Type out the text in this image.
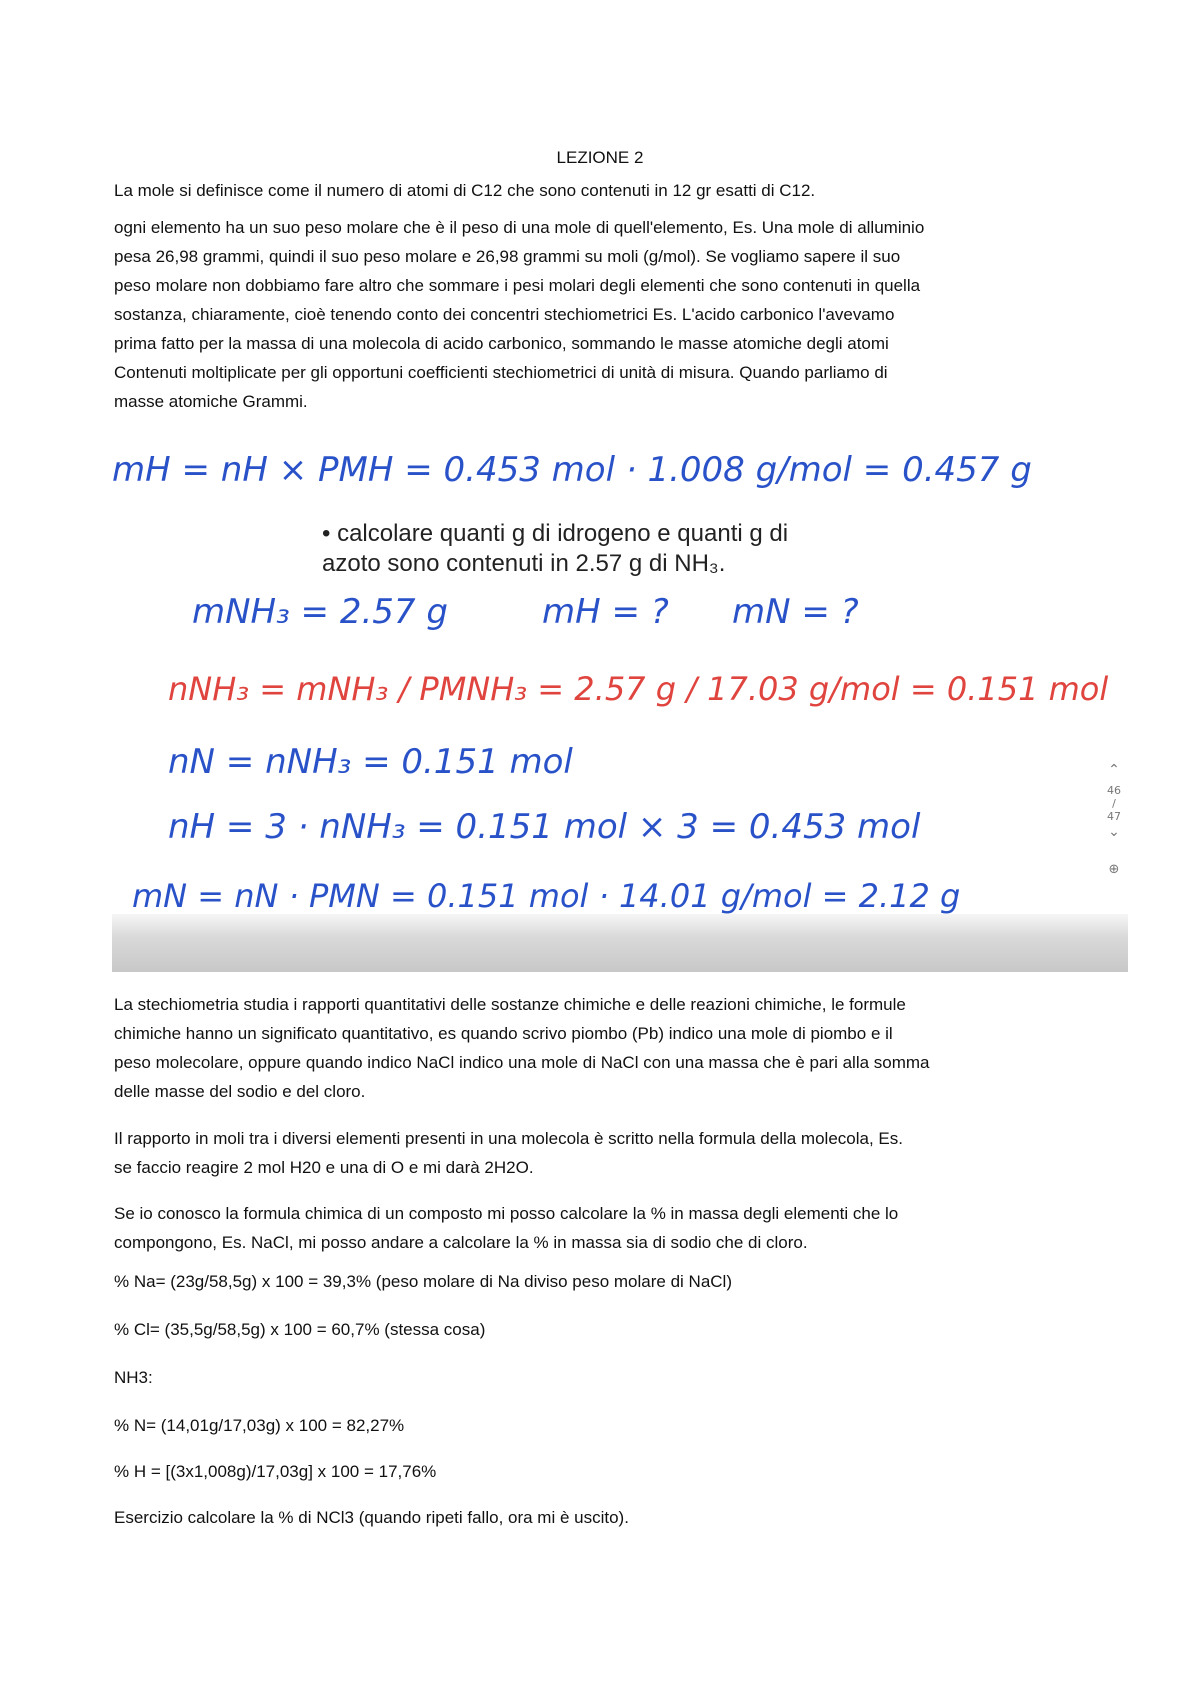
LEZIONE 2

La mole si definisce come il numero di atomi di C12 che sono contenuti in 12 gr esatti di C12.

ogni elemento ha un suo peso molare che è il peso di una mole di quell'elemento, Es. Una mole di alluminio
pesa 26,98 grammi, quindi il suo peso molare e 26,98 grammi su moli (g/mol). Se vogliamo sapere il suo
peso molare non dobbiamo fare altro che sommare i pesi molari degli elementi che sono contenuti in quella
sostanza, chiaramente, cioè tenendo conto dei concentri stechiometrici Es. L'acido carbonico l'avevamo
prima fatto per la massa di una molecola di acido carbonico, sommando le masse atomiche degli atomi
Contenuti moltiplicate per gli opportuni coefficienti stechiometrici di unità di misura. Quando parliamo di
masse atomiche Grammi.

mH = nH × PMH = 0.453 mol · 1.008 g/mol = 0.457 g
• calcolare quanti g di idrogeno e quanti g di
azoto sono contenuti in 2.57 g di NH₃.
mNH₃ = 2.57 g	mH = ? mN = ?
nNH₃ = mNH₃ / PMNH₃ = 2.57 g / 17.03 g/mol = 0.151 mol
nN = nNH₃ = 0.151 mol
nH = 3 · nNH₃ = 0.151 mol × 3 = 0.453 mol
mN = nN · PMN = 0.151 mol · 14.01 g/mol = 2.12 g
⌃
46
/
47
⌄
⊕

La stechiometria studia i rapporti quantitativi delle sostanze chimiche e delle reazioni chimiche, le formule
chimiche hanno un significato quantitativo, es quando scrivo piombo (Pb) indico una mole di piombo e il
peso molecolare, oppure quando indico NaCl indico una mole di NaCl con una massa che è pari alla somma
delle masse del sodio e del cloro.

Il rapporto in moli tra i diversi elementi presenti in una molecola è scritto nella formula della molecola, Es.
se faccio reagire 2 mol H20 e una di O e mi darà 2H2O.

Se io conosco la formula chimica di un composto mi posso calcolare la % in massa degli elementi che lo
compongono, Es. NaCl, mi posso andare a calcolare la % in massa sia di sodio che di cloro.

% Na= (23g/58,5g) x 100 = 39,3% (peso molare di Na diviso peso molare di NaCl)

% Cl= (35,5g/58,5g) x 100 = 60,7% (stessa cosa)

NH3:

% N= (14,01g/17,03g) x 100 = 82,27%

% H = [(3x1,008g)/17,03g] x 100 = 17,76%

Esercizio calcolare la % di NCl3 (quando ripeti fallo, ora mi è uscito).
